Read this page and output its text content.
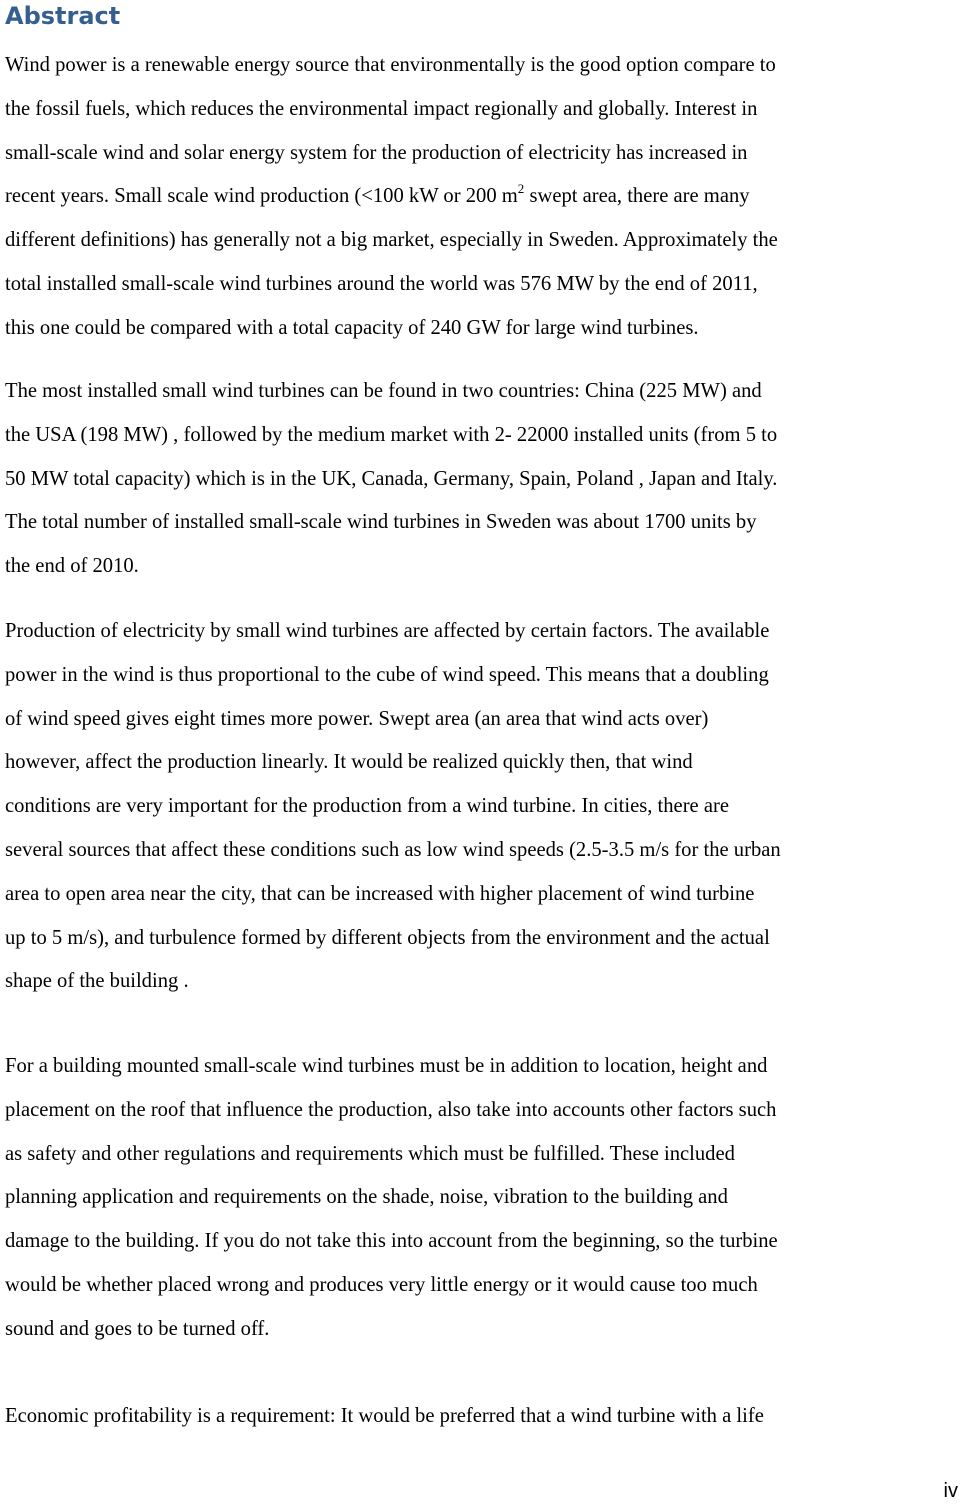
Abstract
Wind power is a renewable energy source that environmentally is the good option compare to
the fossil fuels, which reduces the environmental impact regionally and globally. Interest in
small-scale wind and solar energy system for the production of electricity has increased in
recent years. Small scale wind production (<100 kW or 200 $m^2$ swept area, there are many
different definitions) has generally not a big market, especially in Sweden. Approximately the
total installed small-scale wind turbines around the world was 576 MW by the end of 2011,
this one could be compared with a total capacity of 240 GW for large wind turbines.
The most installed small wind turbines can be found in two countries: China (225 MW) and
the USA (198 MW) , followed by the medium market with 2- 22000 installed units (from 5 to
50 MW total capacity) which is in the UK, Canada, Germany, Spain, Poland , Japan and Italy.
The total number of installed small-scale wind turbines in Sweden was about 1700 units by
the end of 2010.
Production of electricity by small wind turbines are affected by certain factors. The available
power in the wind is thus proportional to the cube of wind speed. This means that a doubling
of wind speed gives eight times more power. Swept area (an area that wind acts over)
however, affect the production linearly. It would be realized quickly then, that wind
conditions are very important for the production from a wind turbine. In cities, there are
several sources that affect these conditions such as low wind speeds (2.5-3.5 m/s for the urban
area to open area near the city, that can be increased with higher placement of wind turbine
up to 5 m/s), and turbulence formed by different objects from the environment and the actual
shape of the building .
For a building mounted small-scale wind turbines must be in addition to location, height and
placement on the roof that influence the production, also take into accounts other factors such
as safety and other regulations and requirements which must be fulfilled. These included
planning application and requirements on the shade, noise, vibration to the building and
damage to the building. If you do not take this into account from the beginning, so the turbine
would be whether placed wrong and produces very little energy or it would cause too much
sound and goes to be turned off.
Economic profitability is a requirement: It would be preferred that a wind turbine with a life
iv
